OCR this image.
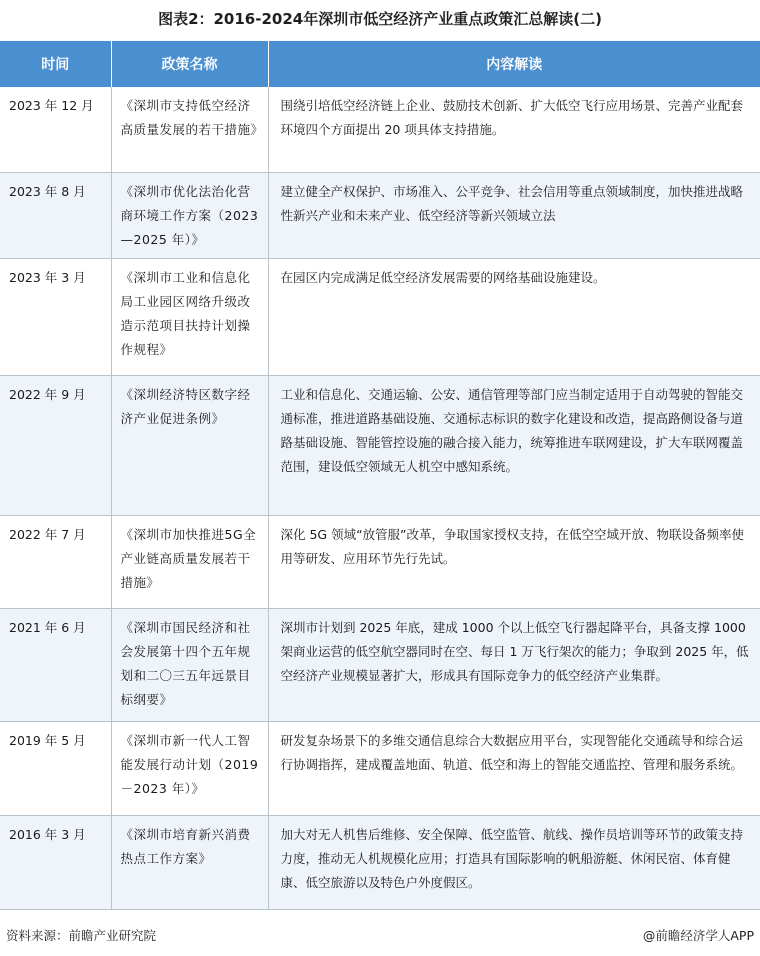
图表2：2016-2024年深圳市低空经济产业重点政策汇总解读(二)
时间	政策名称	内容解读
2023 年 12 月	《深圳市支持低空经济高质量发展的若干措施》	围绕引培低空经济链上企业、鼓励技术创新、扩大低空飞行应用场景、完善产业配套环境四个方面提出 20 项具体支持措施。
2023 年 8 月	《深圳市优化法治化营商环境工作方案（2023—2025 年）》	建立健全产权保护、市场准入、公平竞争、社会信用等重点领域制度，加快推进战略性新兴产业和未来产业、低空经济等新兴领域立法
2023 年 3 月	《深圳市工业和信息化局工业园区网络升级改造示范项目扶持计划操作规程》	在园区内完成满足低空经济发展需要的网络基础设施建设。
2022 年 9 月	《深圳经济特区数字经济产业促进条例》	工业和信息化、交通运输、公安、通信管理等部门应当制定适用于自动驾驶的智能交通标准，推进道路基础设施、交通标志标识的数字化建设和改造，提高路侧设备与道路基础设施、智能管控设施的融合接入能力，统筹推进车联网建设，扩大车联网覆盖范围，建设低空领域无人机空中感知系统。
2022 年 7 月	《深圳市加快推进5G全产业链高质量发展若干措施》	深化 5G 领域“放管服”改革，争取国家授权支持，在低空空域开放、物联设备频率使用等研发、应用环节先行先试。
2021 年 6 月	《深圳市国民经济和社会发展第十四个五年规划和二〇三五年远景目标纲要》	深圳市计划到 2025 年底，建成 1000 个以上低空飞行器起降平台，具备支撑 1000 架商业运营的低空航空器同时在空、每日 1 万飞行架次的能力；争取到 2025 年，低空经济产业规模显著扩大，形成具有国际竞争力的低空经济产业集群。
2019 年 5 月	《深圳市新一代人工智能发展行动计划（2019－2023 年）》	研发复杂场景下的多维交通信息综合大数据应用平台，实现智能化交通疏导和综合运行协调指挥，建成覆盖地面、轨道、低空和海上的智能交通监控、管理和服务系统。
2016 年 3 月	《深圳市培育新兴消费热点工作方案》	加大对无人机售后维修、安全保障、低空监管、航线、操作员培训等环节的政策支持力度，推动无人机规模化应用；打造具有国际影响的帆船游艇、休闲民宿、体育健康、低空旅游以及特色户外度假区。
资料来源：前瞻产业研究院	@前瞻经济学人APP
